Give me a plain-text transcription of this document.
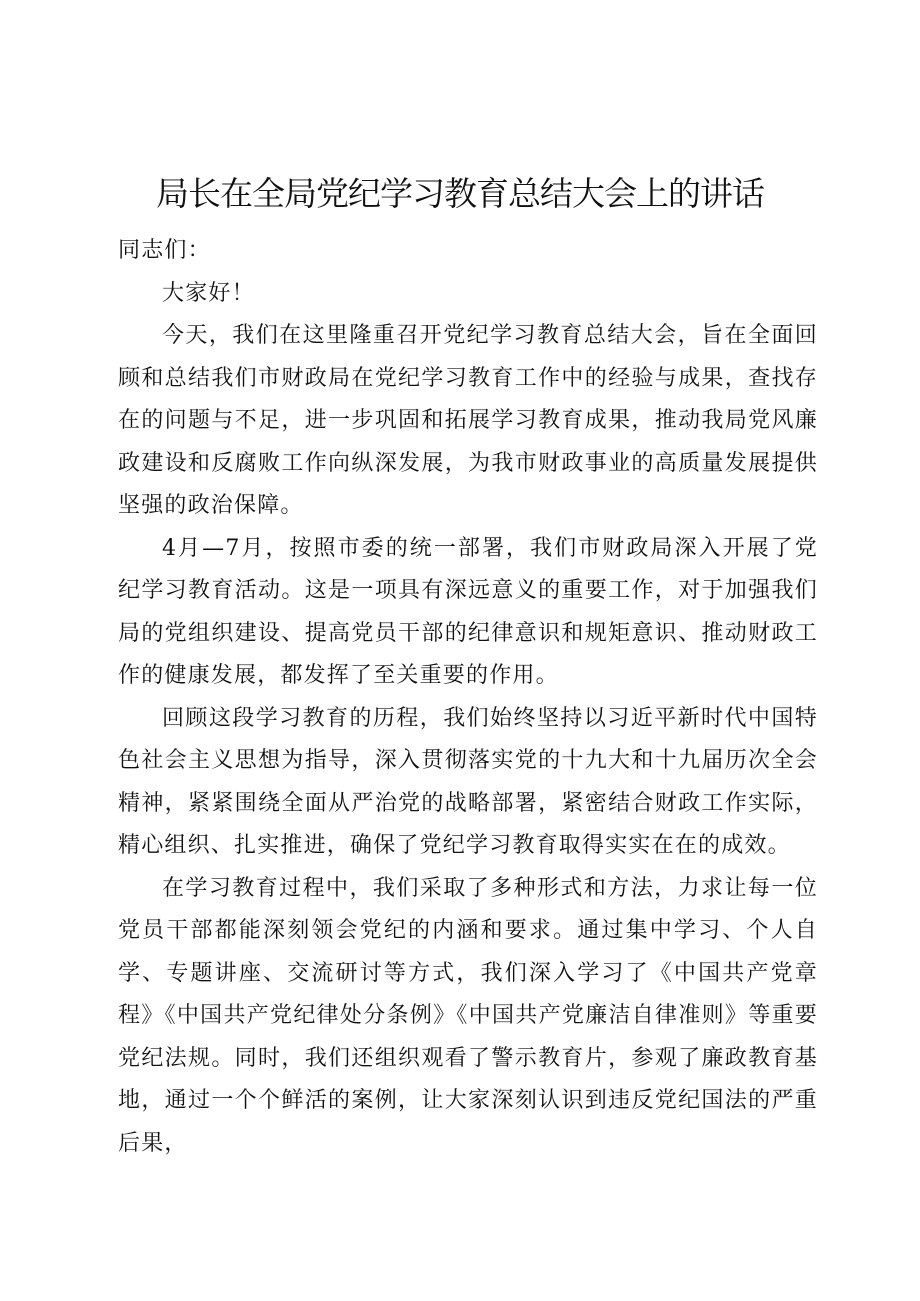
局长在全局党纪学习教育总结大会上的讲话

同志们：

大家好！

今天，我们在这里隆重召开党纪学习教育总结大会，旨在全面回顾和总结我们市财政局在党纪学习教育工作中的经验与成果，查找存在的问题与不足，进一步巩固和拓展学习教育成果，推动我局党风廉政建设和反腐败工作向纵深发展，为我市财政事业的高质量发展提供坚强的政治保障。

4月—7月，按照市委的统一部署，我们市财政局深入开展了党纪学习教育活动。这是一项具有深远意义的重要工作，对于加强我们局的党组织建设、提高党员干部的纪律意识和规矩意识、推动财政工作的健康发展，都发挥了至关重要的作用。

回顾这段学习教育的历程，我们始终坚持以习近平新时代中国特色社会主义思想为指导，深入贯彻落实党的十九大和十九届历次全会精神，紧紧围绕全面从严治党的战略部署，紧密结合财政工作实际，精心组织、扎实推进，确保了党纪学习教育取得实实在在的成效。

在学习教育过程中，我们采取了多种形式和方法，力求让每一位党员干部都能深刻领会党纪的内涵和要求。通过集中学习、个人自学、专题讲座、交流研讨等方式，我们深入学习了《中国共产党章程》《中国共产党纪律处分条例》《中国共产党廉洁自律准则》等重要党纪法规。同时，我们还组织观看了警示教育片，参观了廉政教育基地，通过一个个鲜活的案例，让大家深刻认识到违反党纪国法的严重后果，
